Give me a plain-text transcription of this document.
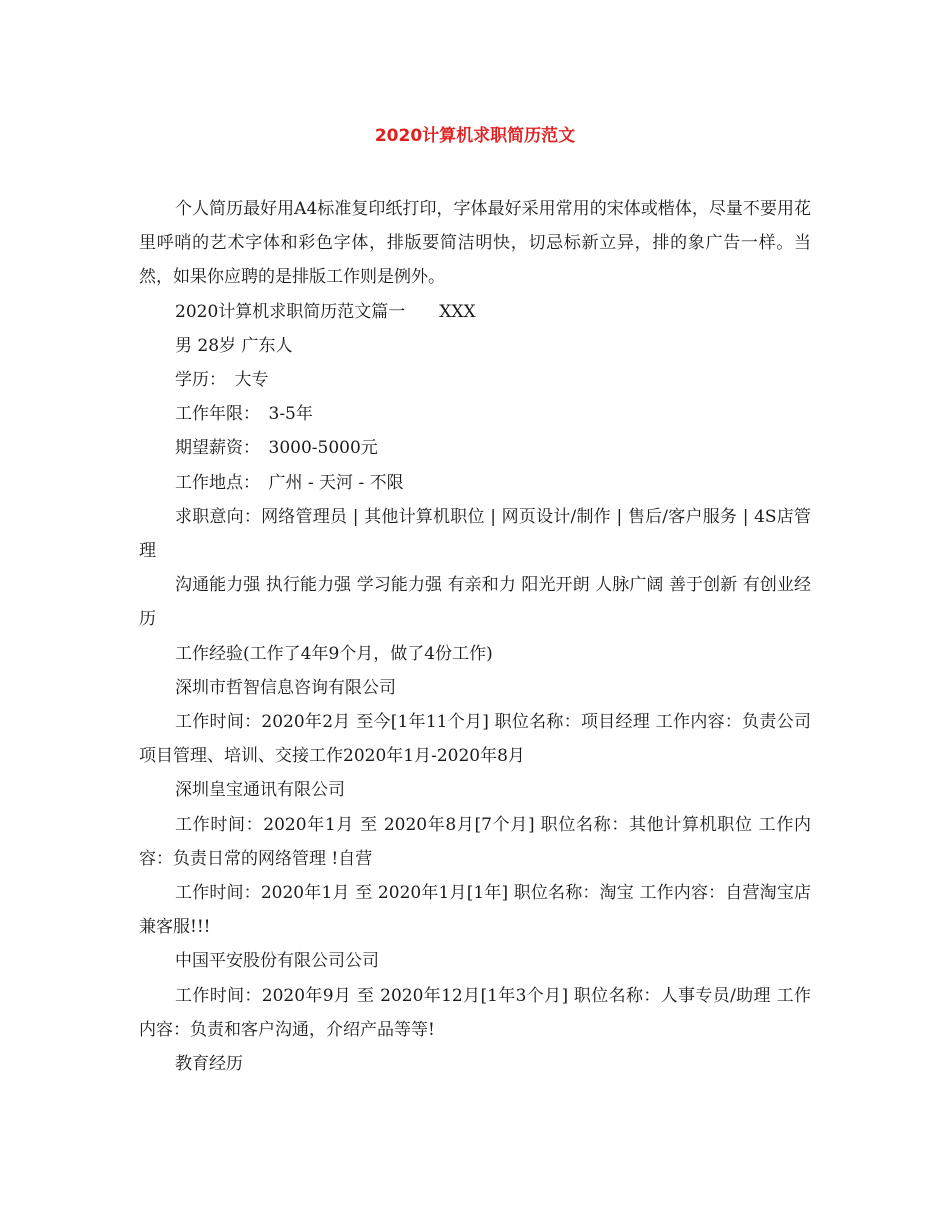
2020计算机求职简历范文

个人简历最好用A4标准复印纸打印，字体最好采用常用的宋体或楷体，尽量不要用花里呼哨的艺术字体和彩色字体，排版要简洁明快，切忌标新立异，排的象广告一样。当然，如果你应聘的是排版工作则是例外。

2020计算机求职简历范文篇一　　XXX

男 28岁 广东人

学历：　大专

工作年限：　3-5年

期望薪资：　3000-5000元

工作地点：　广州 - 天河 - 不限

求职意向：网络管理员 | 其他计算机职位 | 网页设计/制作 | 售后/客户服务 | 4S店管理

沟通能力强 执行能力强 学习能力强 有亲和力 阳光开朗 人脉广阔 善于创新 有创业经历

工作经验(工作了4年9个月，做了4份工作)

深圳市哲智信息咨询有限公司

工作时间：2020年2月 至今[1年11个月] 职位名称：项目经理 工作内容：负责公司项目管理、培训、交接工作2020年1月-2020年8月

深圳皇宝通讯有限公司

工作时间：2020年1月 至 2020年8月[7个月] 职位名称：其他计算机职位 工作内容：负责日常的网络管理 !自营

工作时间：2020年1月 至 2020年1月[1年] 职位名称：淘宝 工作内容：自营淘宝店兼客服!!!

中国平安股份有限公司公司

工作时间：2020年9月 至 2020年12月[1年3个月] 职位名称：人事专员/助理 工作内容：负责和客户沟通，介绍产品等等!

教育经历
